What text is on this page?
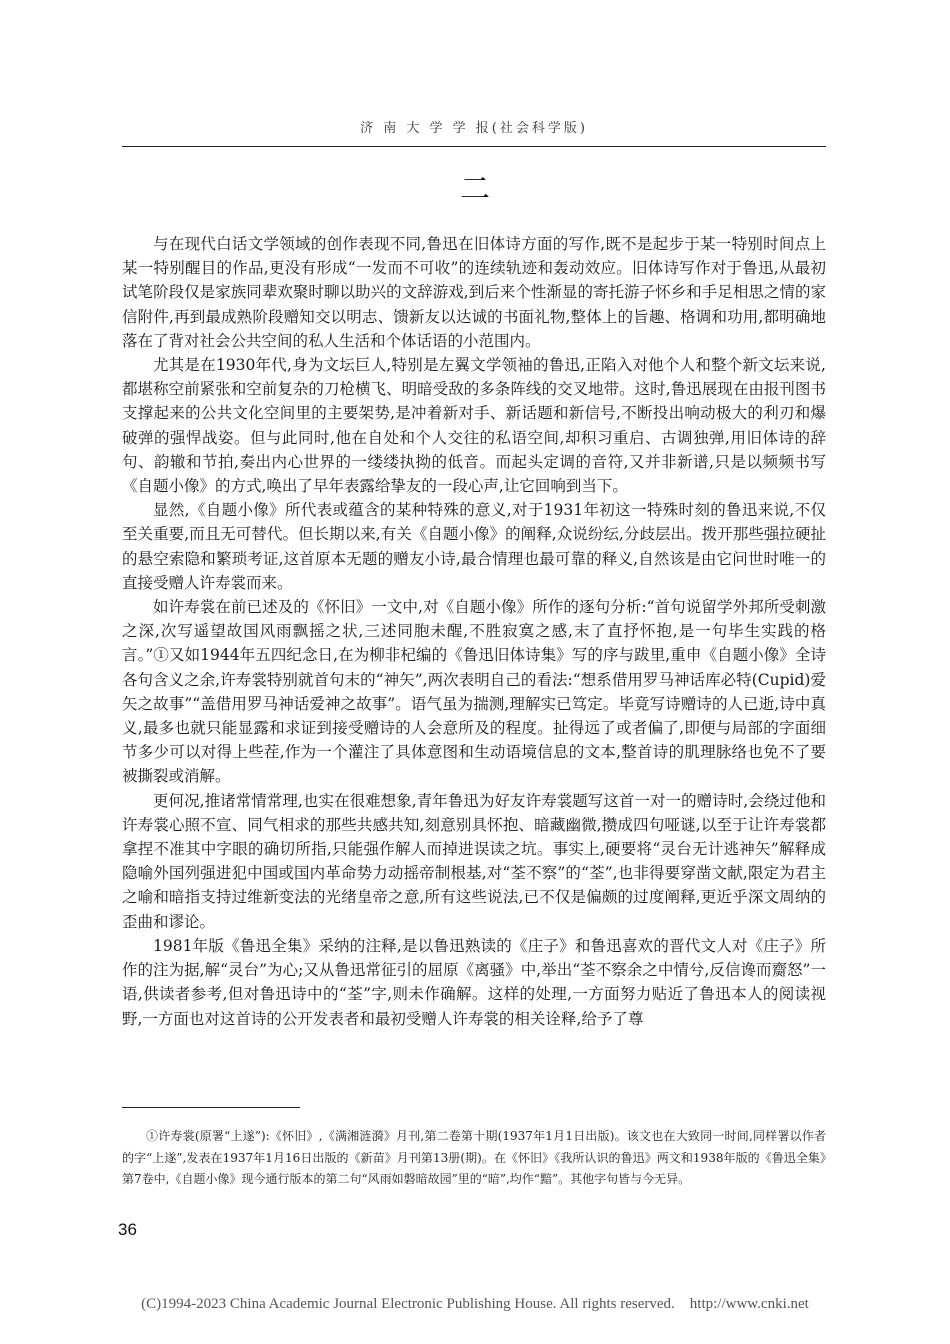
济 南 大 学 学 报(社会科学版)
二

与在现代白话文学领域的创作表现不同,鲁迅在旧体诗方面的写作,既不是起步于某一特别时间点上某一特别醒目的作品,更没有形成“一发而不可收”的连续轨迹和轰动效应。旧体诗写作对于鲁迅,从最初试笔阶段仅是家族同辈欢聚时聊以助兴的文辞游戏,到后来个性渐显的寄托游子怀乡和手足相思之情的家信附件,再到最成熟阶段赠知交以明志、馈新友以达诚的书面礼物,整体上的旨趣、格调和功用,都明确地落在了背对社会公共空间的私人生活和个体话语的小范围内。

尤其是在1930年代,身为文坛巨人,特别是左翼文学领袖的鲁迅,正陷入对他个人和整个新文坛来说,都堪称空前紧张和空前复杂的刀枪横飞、明暗受敌的多条阵线的交叉地带。这时,鲁迅展现在由报刊图书支撑起来的公共文化空间里的主要架势,是冲着新对手、新话题和新信号,不断投出响动极大的利刃和爆破弹的强悍战姿。但与此同时,他在自处和个人交往的私语空间,却积习重启、古调独弹,用旧体诗的辞句、韵辙和节拍,奏出内心世界的一缕缕执拗的低音。而起头定调的音符,又并非新谱,只是以频频书写《自题小像》的方式,唤出了早年表露给挚友的一段心声,让它回响到当下。

显然,《自题小像》所代表或蕴含的某种特殊的意义,对于1931年初这一特殊时刻的鲁迅来说,不仅至关重要,而且无可替代。但长期以来,有关《自题小像》的阐释,众说纷纭,分歧层出。拨开那些强拉硬扯的悬空索隐和繁琐考证,这首原本无题的赠友小诗,最合情理也最可靠的释义,自然该是由它问世时唯一的直接受赠人许寿裳而来。

如许寿裳在前已述及的《怀旧》一文中,对《自题小像》所作的逐句分析:“首句说留学外邦所受刺激之深,次写遥望故国风雨飘摇之状,三述同胞未醒,不胜寂寞之感,末了直抒怀抱,是一句毕生实践的格言。”①又如1944年五四纪念日,在为柳非杞编的《鲁迅旧体诗集》写的序与跋里,重申《自题小像》全诗各句含义之余,许寿裳特别就首句末的“神矢”,两次表明自己的看法:“想系借用罗马神话库必特(Cupid)爱矢之故事”“盖借用罗马神话爱神之故事”。语气虽为揣测,理解实已笃定。毕竟写诗赠诗的人已逝,诗中真义,最多也就只能显露和求证到接受赠诗的人会意所及的程度。扯得远了或者偏了,即便与局部的字面细节多少可以对得上些茬,作为一个灌注了具体意图和生动语境信息的文本,整首诗的肌理脉络也免不了要被撕裂或消解。

更何况,推诸常情常理,也实在很难想象,青年鲁迅为好友许寿裳题写这首一对一的赠诗时,会绕过他和许寿裳心照不宣、同气相求的那些共感共知,刻意别具怀抱、暗藏幽微,攒成四句哑谜,以至于让许寿裳都拿捏不准其中字眼的确切所指,只能强作解人而掉进误读之坑。事实上,硬要将“灵台无计逃神矢”解释成隐喻外国列强进犯中国或国内革命势力动摇帝制根基,对“荃不察”的“荃”,也非得要穿凿文献,限定为君主之喻和暗指支持过维新变法的光绪皇帝之意,所有这些说法,已不仅是偏颇的过度阐释,更近乎深文周纳的歪曲和谬论。

1981年版《鲁迅全集》采纳的注释,是以鲁迅熟读的《庄子》和鲁迅喜欢的晋代文人对《庄子》所作的注为据,解“灵台”为心;又从鲁迅常征引的屈原《离骚》中,举出“荃不察余之中情兮,反信谗而齌怒”一语,供读者参考,但对鲁迅诗中的“荃”字,则未作确解。这样的处理,一方面努力贴近了鲁迅本人的阅读视野,一方面也对这首诗的公开发表者和最初受赠人许寿裳的相关诠释,给予了尊

①许寿裳(原署“上遂”):《怀旧》,《满湘涟漪》月刊,第二卷第十期(1937年1月1日出版)。该文也在大致同一时间,同样署以作者的字“上遂”,发表在1937年1月16日出版的《新苗》月刊第13册(期)。在《怀旧》《我所认识的鲁迅》两文和1938年版的《鲁迅全集》第7卷中,《自题小像》现今通行版本的第二句“风雨如磐暗故园”里的“暗”,均作“黯”。其他字句皆与今无异。

36
(C)1994-2023 China Academic Journal Electronic Publishing House. All rights reserved.    http://www.cnki.net
